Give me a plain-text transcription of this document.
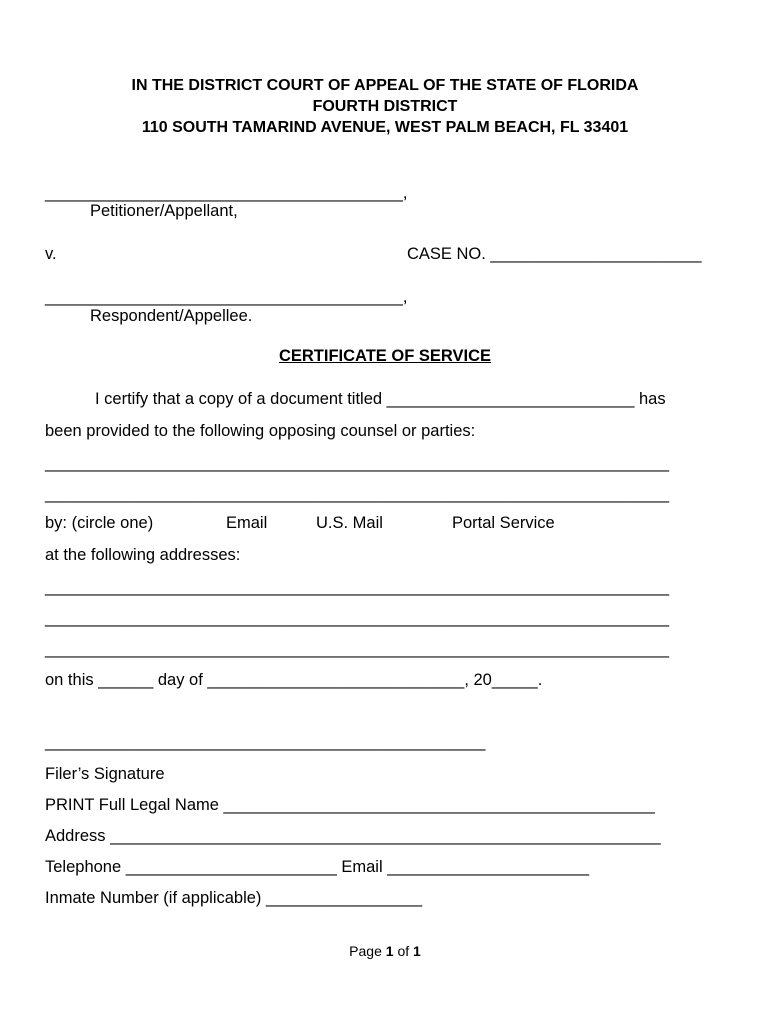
IN THE DISTRICT COURT OF APPEAL OF THE STATE OF FLORIDA
FOURTH DISTRICT
110 SOUTH TAMARIND AVENUE, WEST PALM BEACH, FL 33401
_______________________________________,
Petitioner/Appellant,
v.	CASE NO. _______________________
_______________________________________,
Respondent/Appellee.
CERTIFICATE OF SERVICE
I certify that a copy of a document titled ___________________________ has
been provided to the following opposing counsel or parties:
____________________________________________________________________
____________________________________________________________________
by: (circle one)	Email	U.S. Mail	Portal Service
at the following addresses:
____________________________________________________________________
____________________________________________________________________
____________________________________________________________________
on this ______ day of ____________________________, 20_____.
________________________________________________
Filer’s Signature
PRINT Full Legal Name _______________________________________________
Address ____________________________________________________________
Telephone _______________________ Email ______________________
Inmate Number (if applicable) _________________
Page 1 of 1
